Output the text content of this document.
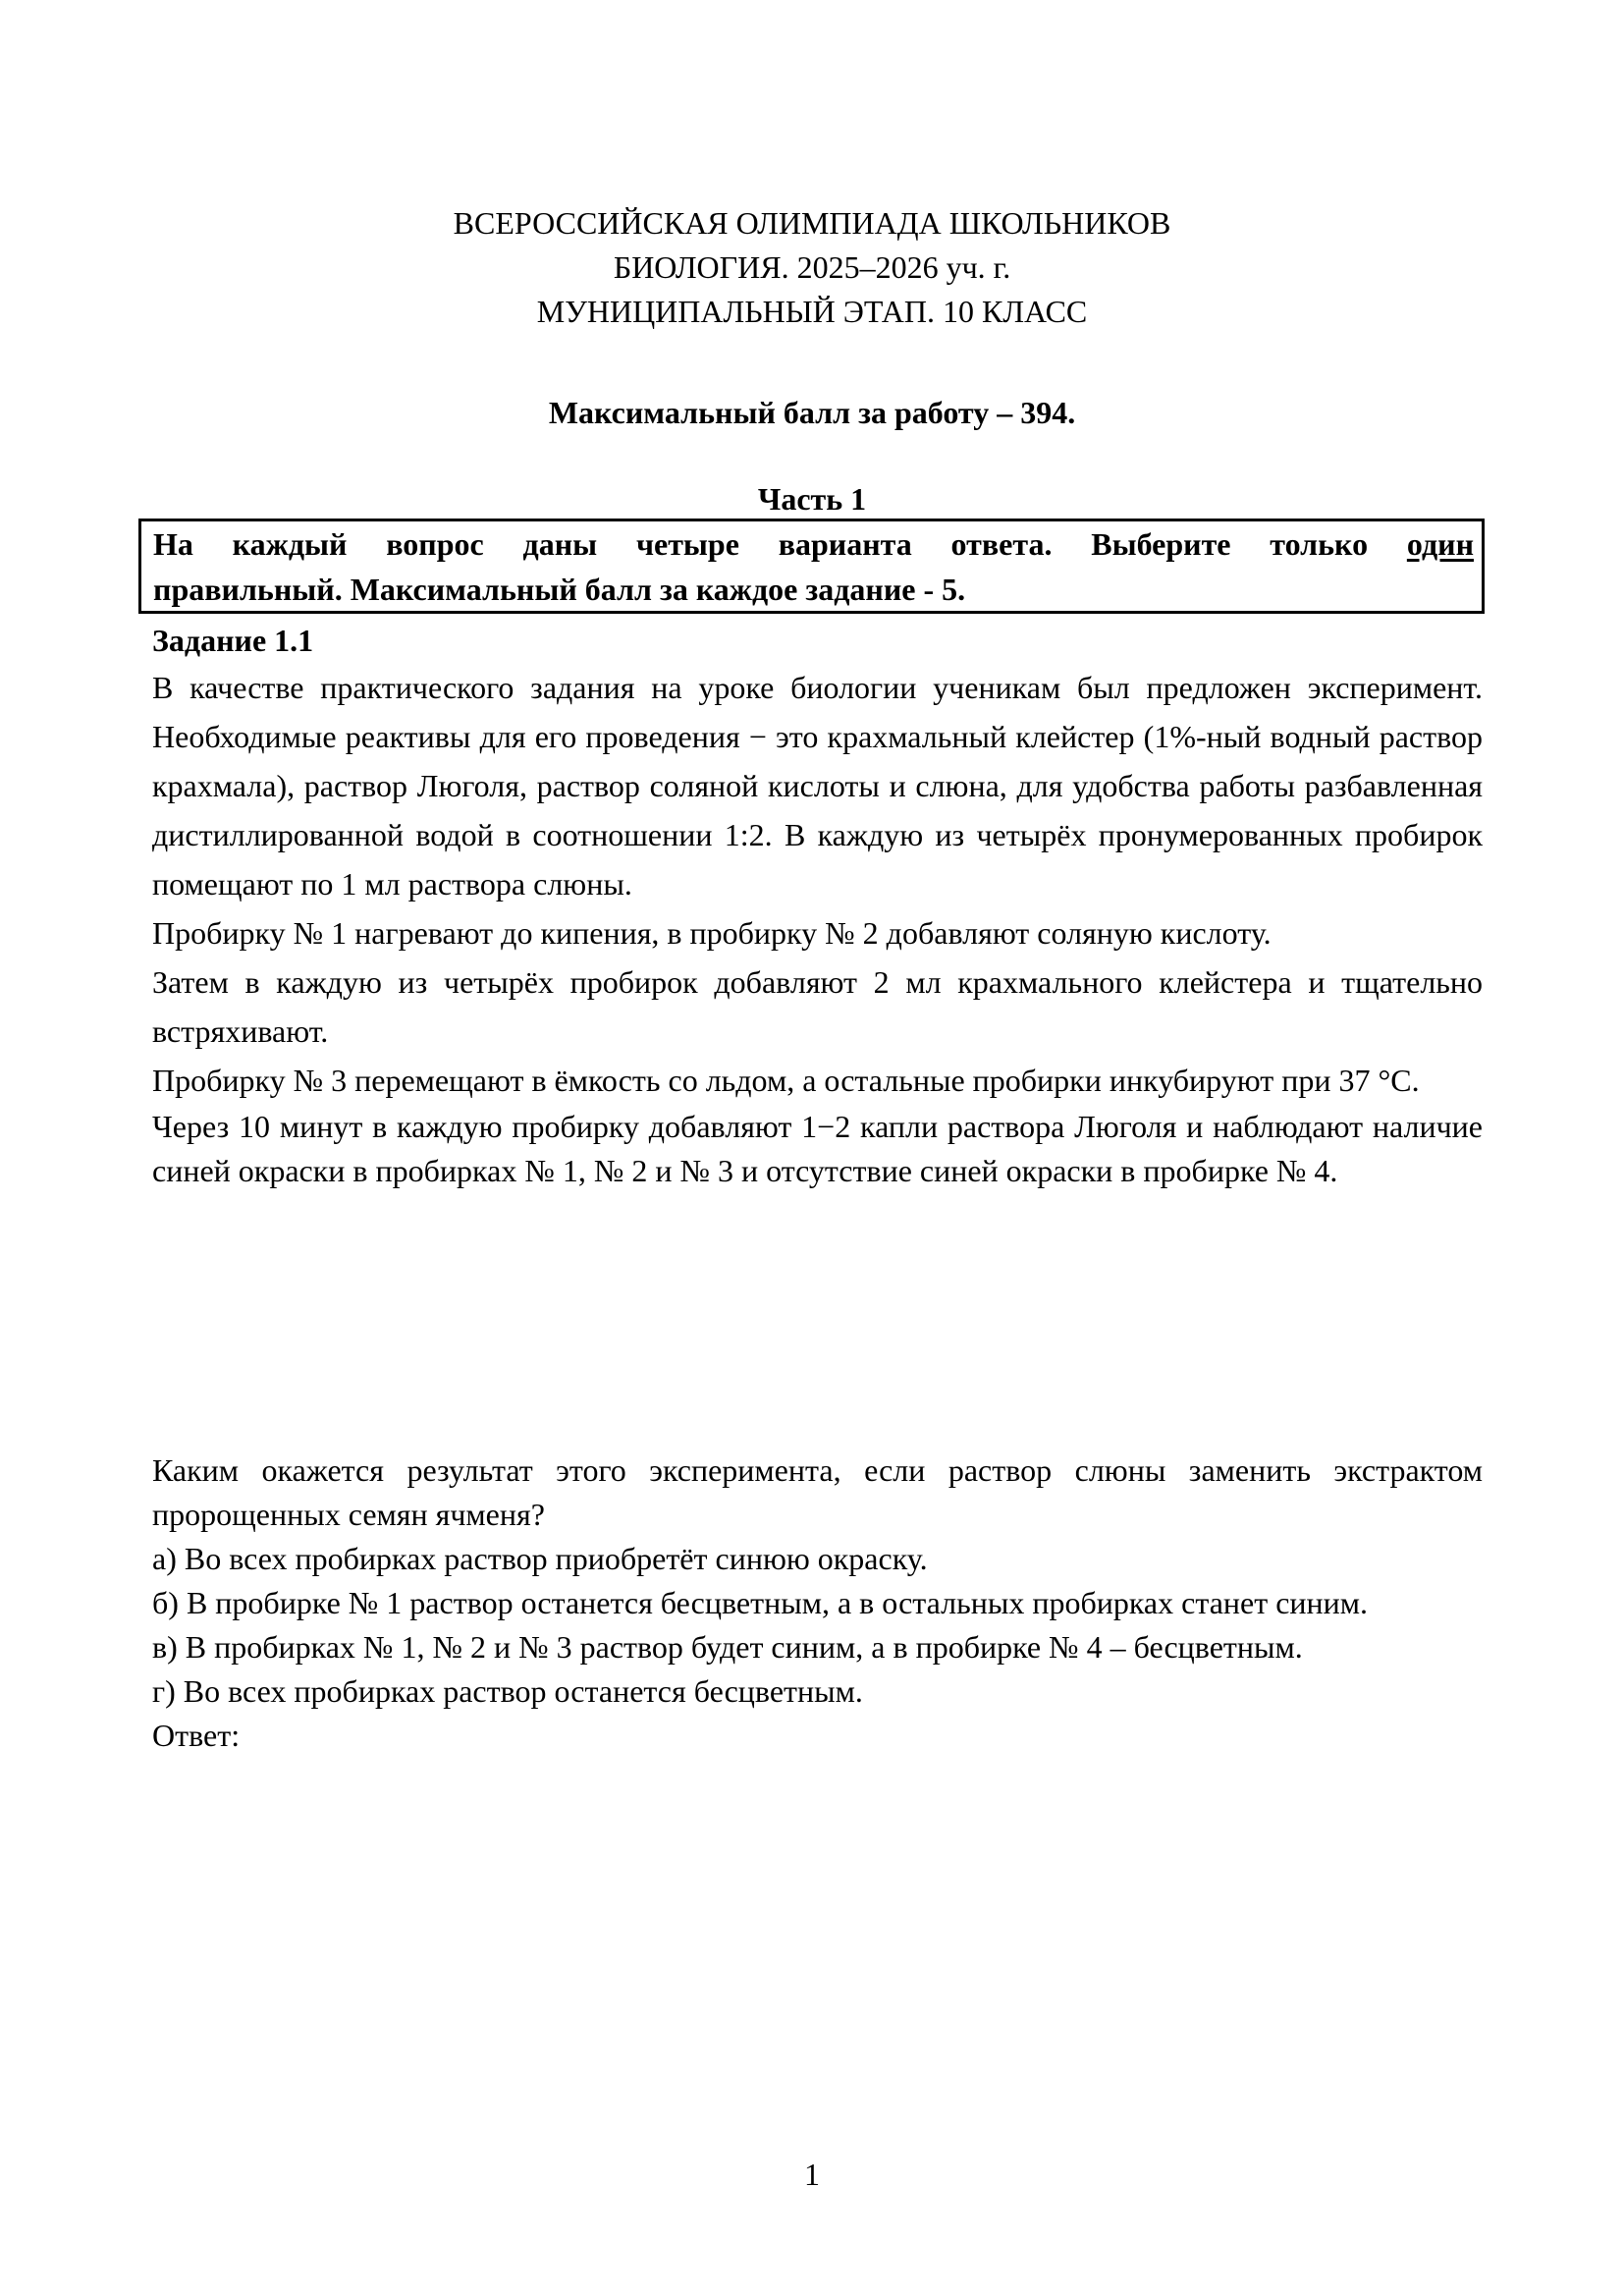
ВСЕРОССИЙСКАЯ ОЛИМПИАДА ШКОЛЬНИКОВ
БИОЛОГИЯ. 2025–2026 уч. г.
МУНИЦИПАЛЬНЫЙ ЭТАП. 10 КЛАСС
Максимальный балл за работу – 394.
Часть 1

На каждый вопрос даны четыре варианта ответа. Выберите только один

правильный. Максимальный балл за каждое задание - 5.

Задание 1.1

В качестве практического задания на уроке биологии ученикам был предложен эксперимент. Необходимые реактивы для его проведения − это крахмальный клейстер (1%-ный водный раствор крахмала), раствор Люголя, раствор соляной кислоты и слюна, для удобства работы разбавленная дистиллированной водой в соотношении 1:2. В каждую из четырёх пронумерованных пробирок помещают по 1 мл раствора слюны.

Пробирку № 1 нагревают до кипения, в пробирку № 2 добавляют соляную кислоту.

Затем в каждую из четырёх пробирок добавляют 2 мл крахмального клейстера и тщательно встряхивают.

Пробирку № 3 перемещают в ёмкость со льдом, а остальные пробирки инкубируют при 37 °C.

Через 10 минут в каждую пробирку добавляют 1−2 капли раствора Люголя и наблюдают наличие синей окраски в пробирках № 1, № 2 и № 3 и отсутствие синей окраски в пробирке № 4.

Каким окажется результат этого эксперимента, если раствор слюны заменить экстрактом пророщенных семян ячменя?

а) Во всех пробирках раствор приобретёт синюю окраску.

б) В пробирке № 1 раствор останется бесцветным, а в остальных пробирках станет синим.

в) В пробирках № 1, № 2 и № 3 раствор будет синим, а в пробирке № 4 – бесцветным.

г) Во всех пробирках раствор останется бесцветным.

Ответ:

1
